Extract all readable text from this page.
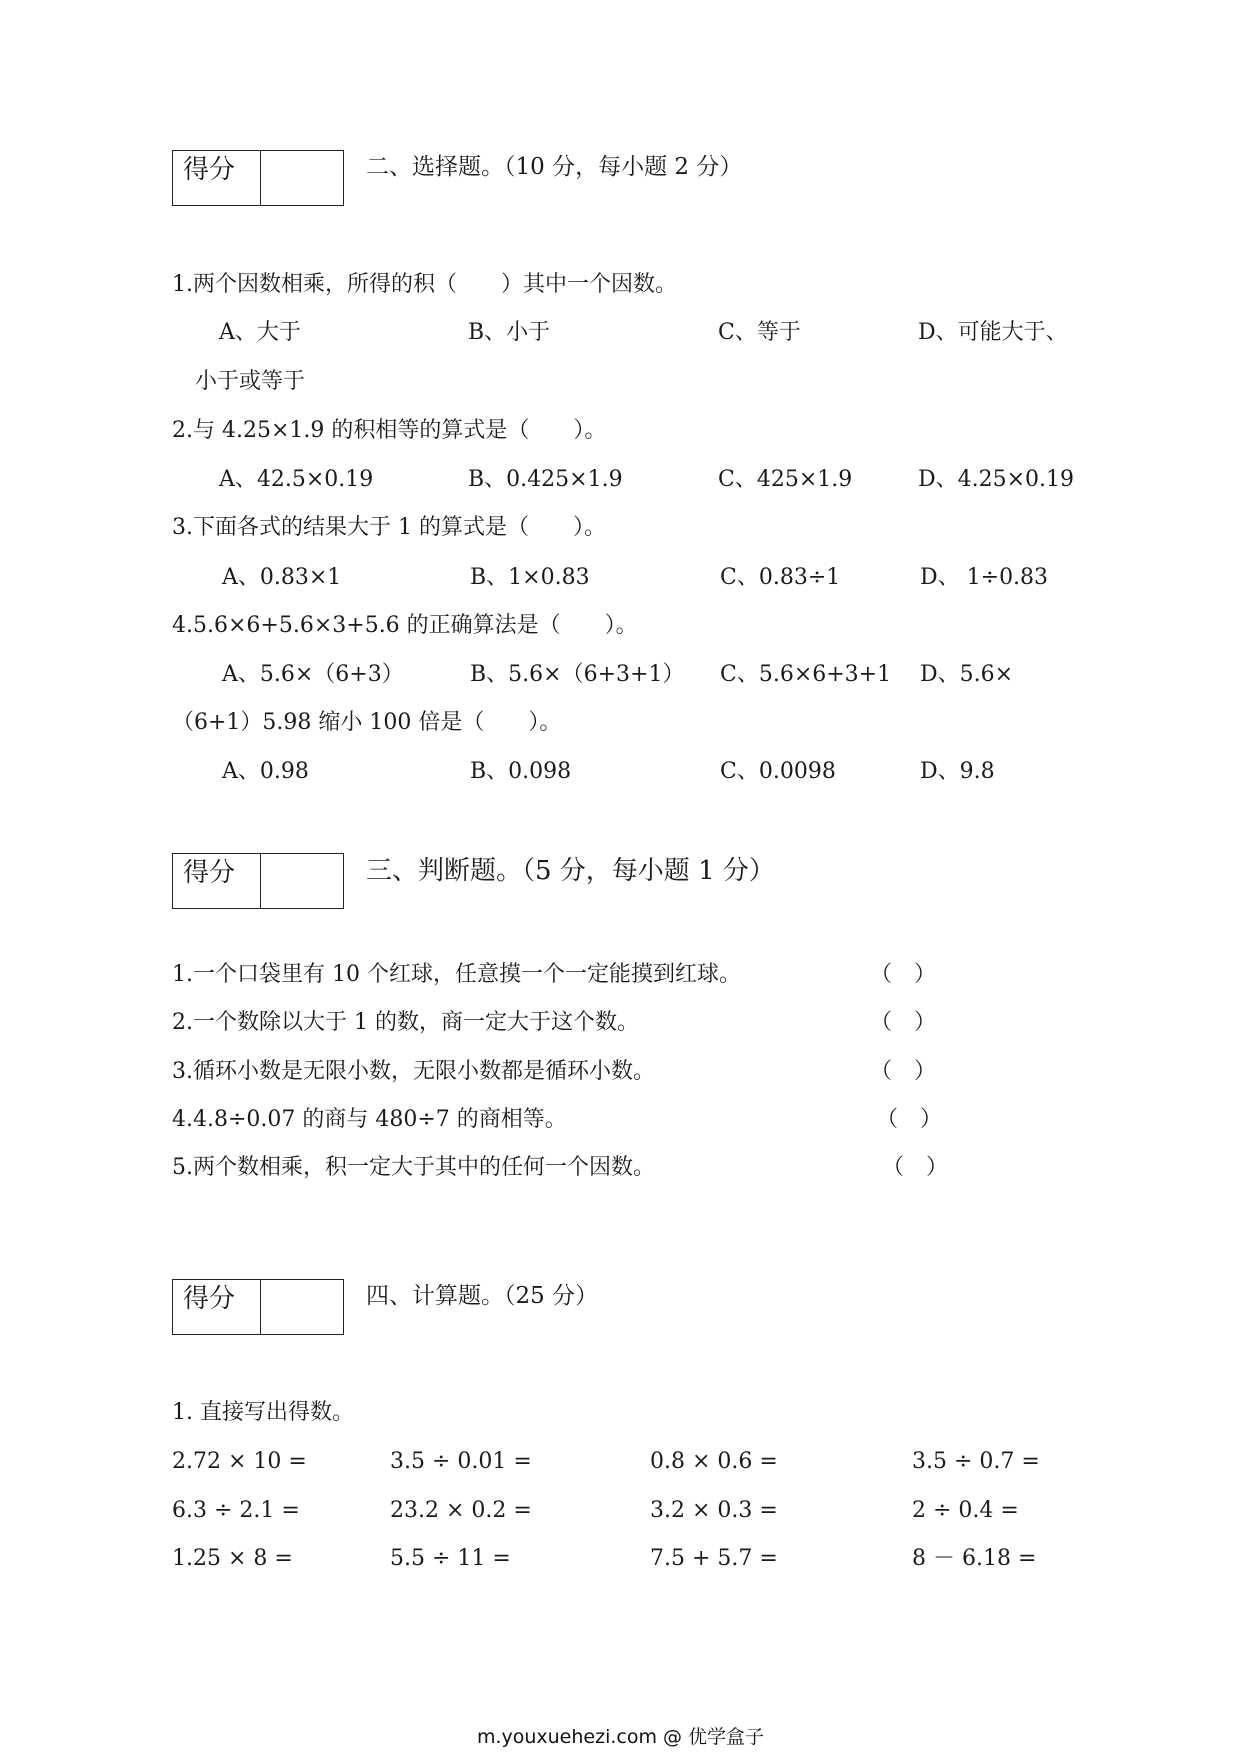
得分	二、选择题。（10 分，每小题 2 分）
1.两个因数相乘，所得的积（　　）其中一个因数。
A、大于	B、小于	C、等于	D、可能大于、
小于或等于
2.与 4.25×1.9 的积相等的算式是（　　）。
A、42.5×0.19	B、0.425×1.9	C、425×1.9	D、4.25×0.19
3.下面各式的结果大于 1 的算式是（　　）。
A、0.83×1	B、1×0.83	C、0.83÷1	D、 1÷0.83
4.5.6×6+5.6×3+5.6 的正确算法是（　　）。
A、5.6×（6+3）	B、5.6×（6+3+1） C、5.6×6+3+1 D、5.6×
（6+1）5.98 缩小 100 倍是（　　）。
A、0.98	B、0.098	C、0.0098	D、9.8
得分	三、判断题。（5 分，每小题 1 分）
1.一个口袋里有 10 个红球，任意摸一个一定能摸到红球。	（　）
2.一个数除以大于 1 的数，商一定大于这个数。	（　）
3.循环小数是无限小数，无限小数都是循环小数。	（　）
4.4.8÷0.07 的商与 480÷7 的商相等。	（　）
5.两个数相乘，积一定大于其中的任何一个因数。	（　）
得分	四、计算题。（25 分）
1. 直接写出得数。
2.72 × 10 =	3.5 ÷ 0.01 =	0.8 × 0.6 =	3.5 ÷ 0.7 =
6.3 ÷ 2.1 =	23.2 × 0.2 =	3.2 × 0.3 =	2 ÷ 0.4 =
1.25 × 8 =	5.5 ÷ 11 =	7.5 + 5.7 =	8 － 6.18 =
m.youxuehezi.com @ 优学盒子
